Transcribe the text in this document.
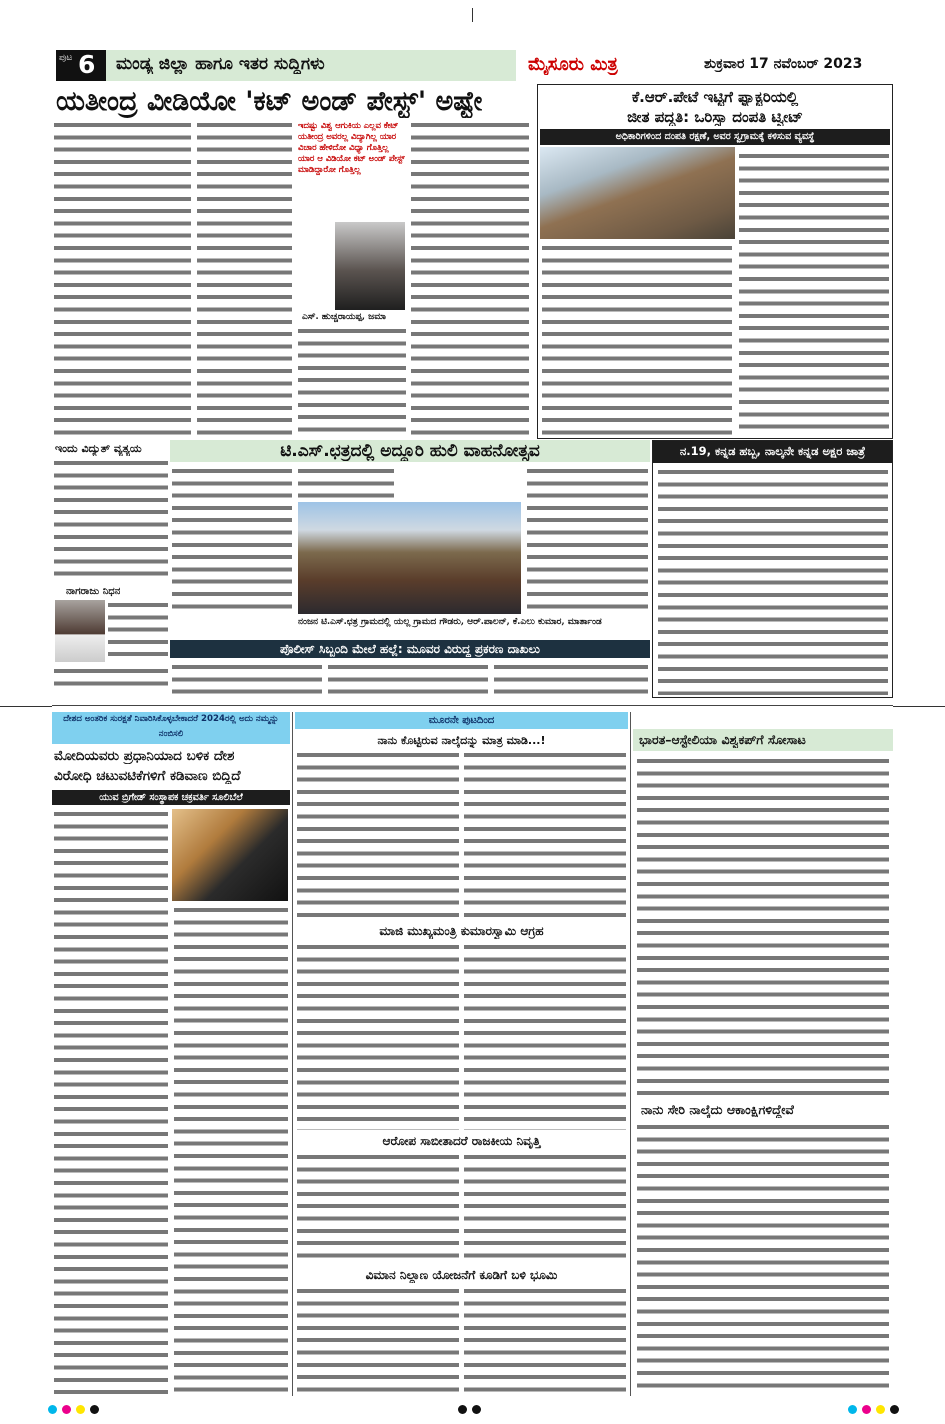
ಪುಟ 6 ಮಂಡ್ಯ ಜಿಲ್ಲಾ ಹಾಗೂ ಇತರ ಸುದ್ದಿಗಳು	ಮೈಸೂರು ಮಿತ್ರ	ಶುಕ್ರವಾರ 17 ನವೆಂಬರ್ 2023
ಯತೀಂದ್ರ ವೀಡಿಯೋ 'ಕಟ್ ಅಂಡ್ ಪೇಸ್ಟ್' ಅಷ್ಟೇ
ಇದಷ್ಟು ವಿಶ್ವ ಆಗುಕಿಯ ಎಲ್ಲವ ಕೇಟ್ ಯತೀಂದ್ರ ಅವರಲ್ಲ ವಿದ್ಯಾಗಿಲ್ಲ ಯಾರ ವಿಚಾರ ಹೇಳಿದೋ ವಿಧ್ಯಾ ಗೊತ್ತಿಲ್ಲ ಯಾರ ಆ ವಿಡಿಯೋ ಕಟ್ ಅಂಡ್ ಪೇಸ್ಟ್ ಮಾಡಿದ್ದಾರೋ ಗೊತ್ತಿಲ್ಲ
ಎಸ್. ಹುಚ್ಚರಾಯಪ್ಪ, ಜಮಾ
ಕೆ.ಆರ್.ಪೇಟೆ ಇಟ್ಟಿಗೆ ಫ್ಯಾಕ್ಟರಿಯಲ್ಲಿ
ಜೀತ ಪದ್ಧತಿ: ಒರಿಸ್ಸಾ ದಂಪತಿ ಟ್ವೀಟ್
ಅಧಿಕಾರಿಗಳಿಂದ ದಂಪತಿ ರಕ್ಷಣೆ, ಅವರ ಸ್ವಗ್ರಾಮಕ್ಕೆ ಕಳಿಸುವ ವ್ಯವಸ್ಥೆ
ಇಂದು ವಿದ್ಯುತ್ ವ್ಯತ್ಯಯ
ನಾಗರಾಜು ನಿಧನ
ಟಿ.ಎಸ್.ಛತ್ರದಲ್ಲಿ ಅದ್ದೂರಿ ಹುಲಿ ವಾಹನೋತ್ಸವ
ನಂಜನ ಟಿ.ಎಸ್.ಛತ್ರ ಗ್ರಾಮದಲ್ಲಿ ಯಲ್ಲ ಗ್ರಾಮದ ಗೌಡರು, ಆರ್.ಪಾಲನ್, ಕೆ.ಎಲು ಕುಮಾರ, ಮಾರ್ತಾಂಡ
ಪೊಲೀಸ್ ಸಿಬ್ಬಂದಿ ಮೇಲೆ ಹಲ್ಲೆ: ಮೂವರ ವಿರುದ್ಧ ಪ್ರಕರಣ ದಾಖಲು
ನ.19, ಕನ್ನಡ ಹಬ್ಬ, ನಾಲ್ಕನೇ ಕನ್ನಡ ಅಕ್ಷರ ಜಾತ್ರೆ
ದೇಶದ ಅಂತರಿಕ ಸುರಕ್ಷತೆ ನಿವಾರಿಸಿಕೊಳ್ಳಬೇಕಾದರೆ 2024ರಲ್ಲಿ ಅದು ನಮ್ಮನ್ನು ನಂಬಿಸಲಿ
ಮೋದಿಯವರು ಪ್ರಧಾನಿಯಾದ ಬಳಿಕ ದೇಶ
ವಿರೋಧಿ ಚಟುವಟಿಕೆಗಳಿಗೆ ಕಡಿವಾಣ ಬಿದ್ದಿದೆ
ಯುವ ಬ್ರಿಗೇಡ್ ಸಂಸ್ಥಾಪಕ ಚಕ್ರವರ್ತಿ ಸೂಲಿಬೆಲೆ
ಮೂರನೇ ಪುಟದಿಂದ
ನಾನು ಕೊಟ್ಟಿರುವ ನಾಲ್ಕೆದನ್ನು ಮಾತ್ರ ಮಾಡಿ...!
ಮಾಜಿ ಮುಖ್ಯಮಂತ್ರಿ ಕುಮಾರಸ್ವಾಮಿ ಆಗ್ರಹ
ಆರೋಪ ಸಾಬೀತಾದರೆ ರಾಜಕೀಯ ನಿವೃತ್ತಿ
ವಿಮಾನ ನಿಲ್ದಾಣ ಯೋಜನೆಗೆ ಕೂಡಿಗೆ ಬಳಿ ಭೂಮಿ
ಭಾರತ–ಆಸ್ಟೇಲಿಯಾ ವಿಶ್ವಕಪ್‌ಗೆ ಸೋಸಾಟ
ನಾನು ಸೇರಿ ನಾಲ್ಕೆದು ಆಕಾಂಕ್ಷಿಗಳಿದ್ದೇವೆ
